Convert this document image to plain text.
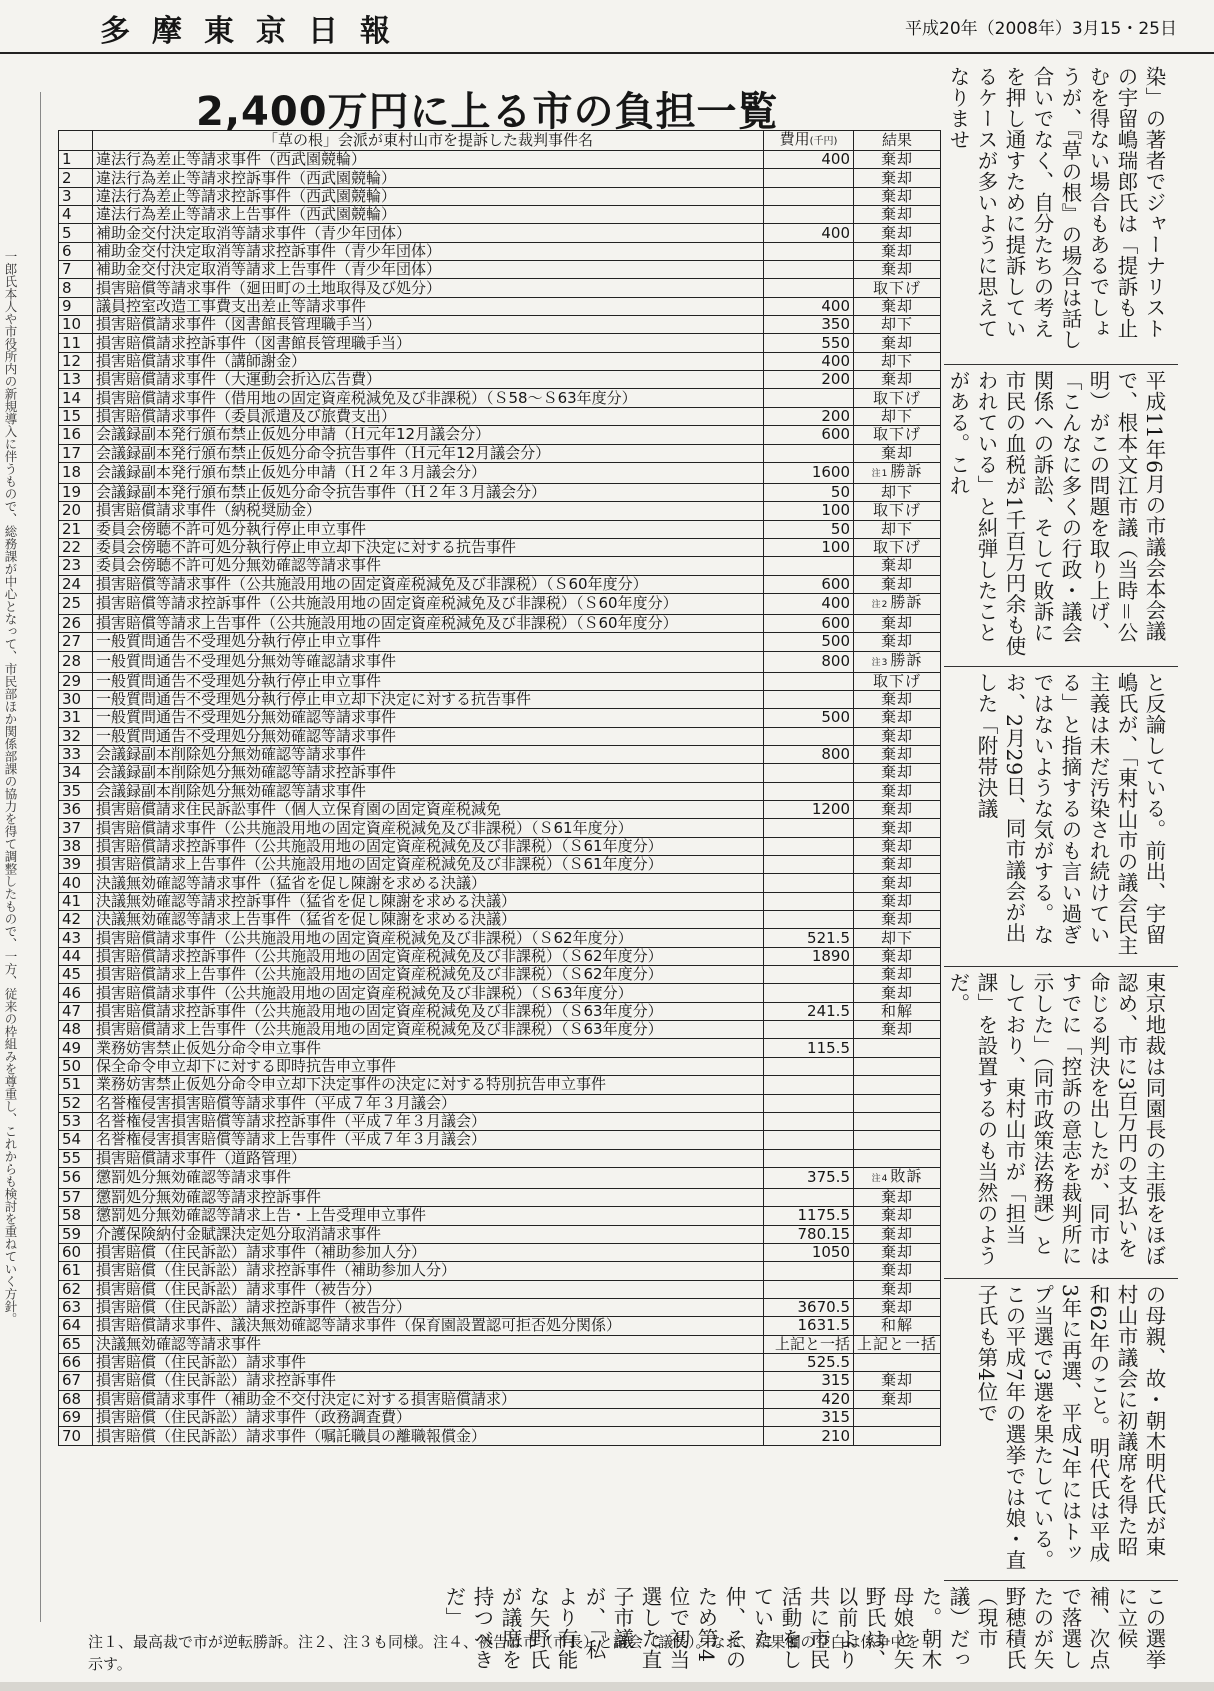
多摩東京日報	平成20年（2008年）3月15・25日
一郎氏本人や市役所内の新規導入に伴うもので、総務課が中心となって、市民部ほか関係部課の協力を得て調整したもので、一方、従来の枠組みを尊重し、これからも検討を重ねていく方針。
2,400万円に上る市の負担一覧
	「草の根」会派が東村山市を提訴した裁判事件名	費用(千円)	結果
1	違法行為差止等請求事件（西武園競輪）	400	棄却
2	違法行為差止等請求控訴事件（西武園競輪）		棄却
3	違法行為差止等請求控訴事件（西武園競輪）		棄却
4	違法行為差止等請求上告事件（西武園競輪）		棄却
5	補助金交付決定取消等請求事件（青少年団体）	400	棄却
6	補助金交付決定取消等請求控訴事件（青少年団体）		棄却
7	補助金交付決定取消等請求上告事件（青少年団体）		棄却
8	損害賠償等請求事件（廻田町の土地取得及び処分）		取下げ
9	議員控室改造工事費支出差止等請求事件	400	棄却
10	損害賠償請求事件（図書館長管理職手当）	350	却下
11	損害賠償請求控訴事件（図書館長管理職手当）	550	棄却
12	損害賠償請求事件（講師謝金）	400	却下
13	損害賠償請求事件（大運動会折込広告費）	200	棄却
14	損害賠償請求事件（借用地の固定資産税減免及び非課税）（Ｓ58～Ｓ63年度分）		取下げ
15	損害賠償請求事件（委員派遣及び旅費支出）	200	却下
16	会議録副本発行頒布禁止仮処分申請（Ｈ元年12月議会分）	600	取下げ
17	会議録副本発行頒布禁止仮処分命令抗告事件（Ｈ元年12月議会分）		棄却
18	会議録副本発行頒布禁止仮処分申請（Ｈ２年３月議会分）	1600	注1 勝訴
19	会議録副本発行頒布禁止仮処分命令抗告事件（Ｈ２年３月議会分）	50	却下
20	損害賠償請求事件（納税奨励金）	100	取下げ
21	委員会傍聴不許可処分執行停止申立事件	50	却下
22	委員会傍聴不許可処分執行停止申立却下決定に対する抗告事件	100	取下げ
23	委員会傍聴不許可処分無効確認等請求事件		棄却
24	損害賠償等請求事件（公共施設用地の固定資産税減免及び非課税）（Ｓ60年度分）	600	棄却
25	損害賠償等請求控訴事件（公共施設用地の固定資産税減免及び非課税）（Ｓ60年度分）	400	注2 勝訴
26	損害賠償等請求上告事件（公共施設用地の固定資産税減免及び非課税）（Ｓ60年度分）	600	棄却
27	一般質問通告不受理処分執行停止申立事件	500	棄却
28	一般質問通告不受理処分無効等確認請求事件	800	注3 勝訴
29	一般質問通告不受理処分執行停止申立事件		取下げ
30	一般質問通告不受理処分執行停止申立却下決定に対する抗告事件		棄却
31	一般質問通告不受理処分無効確認等請求事件	500	棄却
32	一般質問通告不受理処分無効確認等請求事件		棄却
33	会議録副本削除処分無効確認等請求事件	800	棄却
34	会議録副本削除処分無効確認等請求控訴事件		棄却
35	会議録副本削除処分無効確認等請求事件		棄却
36	損害賠償請求住民訴訟事件（個人立保育園の固定資産税減免	1200	棄却
37	損害賠償請求事件（公共施設用地の固定資産税減免及び非課税）（Ｓ61年度分）		棄却
38	損害賠償請求控訴事件（公共施設用地の固定資産税減免及び非課税）（Ｓ61年度分）		棄却
39	損害賠償請求上告事件（公共施設用地の固定資産税減免及び非課税）（Ｓ61年度分）		棄却
40	決議無効確認等請求事件（猛省を促し陳謝を求める決議）		棄却
41	決議無効確認等請求控訴事件（猛省を促し陳謝を求める決議）		棄却
42	決議無効確認等請求上告事件（猛省を促し陳謝を求める決議）		棄却
43	損害賠償請求事件（公共施設用地の固定資産税減免及び非課税）（Ｓ62年度分）	521.5	却下
44	損害賠償請求控訴事件（公共施設用地の固定資産税減免及び非課税）（Ｓ62年度分）	1890	棄却
45	損害賠償請求上告事件（公共施設用地の固定資産税減免及び非課税）（Ｓ62年度分）		棄却
46	損害賠償請求事件（公共施設用地の固定資産税減免及び非課税）（Ｓ63年度分）		棄却
47	損害賠償請求控訴事件（公共施設用地の固定資産税減免及び非課税）（Ｓ63年度分）	241.5	和解
48	損害賠償請求上告事件（公共施設用地の固定資産税減免及び非課税）（Ｓ63年度分）		棄却
49	業務妨害禁止仮処分命令申立事件	115.5	
50	保全命令申立却下に対する即時抗告申立事件		
51	業務妨害禁止仮処分命令申立却下決定事件の決定に対する特別抗告申立事件		
52	名誉権侵害損害賠償等請求事件（平成７年３月議会）		
53	名誉権侵害損害賠償等請求控訴事件（平成７年３月議会）		
54	名誉権侵害損害賠償等請求上告事件（平成７年３月議会）		
55	損害賠償請求事件（道路管理）		
56	懲罰処分無効確認等請求事件	375.5	注4 敗訴
57	懲罰処分無効確認等請求控訴事件		棄却
58	懲罰処分無効確認等請求上告・上告受理申立事件	1175.5	棄却
59	介護保険納付金賦課決定処分取消請求事件	780.15	棄却
60	損害賠償（住民訴訟）請求事件（補助参加人分）	1050	棄却
61	損害賠償（住民訴訟）請求控訴事件（補助参加人分）		棄却
62	損害賠償（住民訴訟）請求事件（被告分）		棄却
63	損害賠償（住民訴訟）請求控訴事件（被告分）	3670.5	棄却
64	損害賠償請求事件、議決無効確認等請求事件（保育園設置認可拒否処分関係）	1631.5	和解
65	決議無効確認等請求事件	上記と一括	上記と一括
66	損害賠償（住民訴訟）請求事件	525.5	
67	損害賠償（住民訴訟）請求控訴事件	315	棄却
68	損害賠償請求事件（補助金不交付決定に対する損害賠償請求）	420	棄却
69	損害賠償（住民訴訟）請求事件（政務調査費）	315	
70	損害賠償（住民訴訟）請求事件（嘱託職員の離職報償金）	210	
注１、最高裁で市が逆転勝訴。注２、注３も同様。注４、被告は市（市長）と議会（議長）。なお、結果欄の空白は係争中を示す。
染」の著者でジャーナリストの宇留嶋瑞郎氏は「提訴も止むを得ない場合もあるでしょうが、『草の根』の場合は話し合いでなく、自分たちの考えを押し通すために提訴しているケースが多いように思えてなりませ
平成11年6月の市議会本会議で、根本文江市議（当時＝公明）がこの問題を取り上げ、「こんなに多くの行政・議会関係への訴訟、そして敗訴に市民の血税が1千百万円余も使われている」と糾弾したことがある。これ
と反論している。前出、宇留嶋氏が、「東村山市の議会民主主義は未だ汚染され続けている」と指摘するのも言い過ぎではないような気がする。なお、2月29日、同市議会が出した「附帯決議
東京地裁は同園長の主張をほぼ認め、市に3百万円の支払いを命じる判決を出したが、同市はすでに「控訴の意志を裁判所に示した」（同市政策法務課）としており、東村山市が「担当課」を設置するのも当然のようだ。
の母親、故・朝木明代氏が東村山市議会に初議席を得た昭和62年のこと。明代氏は平成3年に再選、平成7年にはトップ当選で3選を果たしている。この平成7年の選挙では娘・直子氏も第4位で
この選挙に立候補、次点で落選したのが矢野穂積氏（現市議）だった。朝木母娘と矢野氏は、以前より共に市民活動をしていた仲、そのため第4位で初当選した直子市議が、「私より有能な矢野氏が議席を持つべきだ」
